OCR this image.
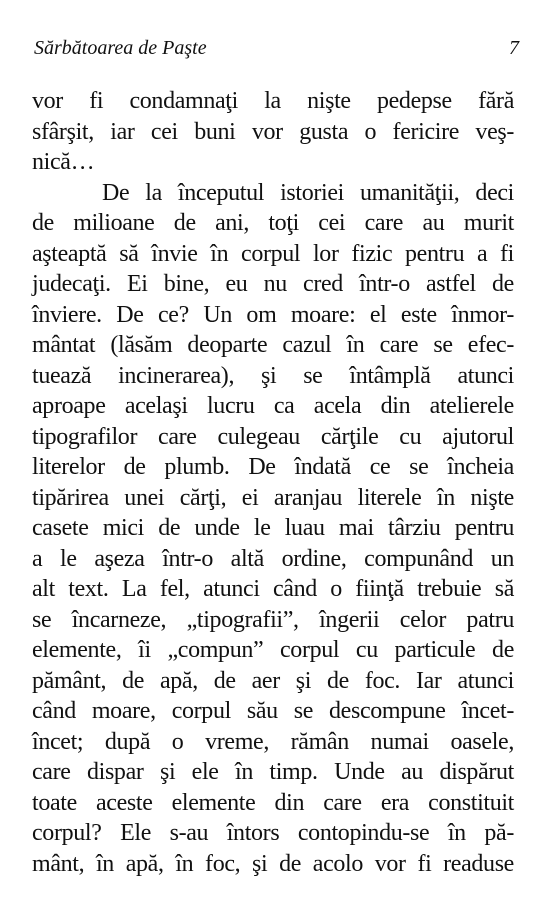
Sărbătoarea de Paşte	7
vor fi condamnaţi la nişte pedepse fără
sfârşit, iar cei buni vor gusta o fericire veş-
nică…
De la începutul istoriei umanităţii, deci
de milioane de ani, toţi cei care au murit
aşteaptă să învie în corpul lor fizic pentru a fi
judecaţi. Ei bine, eu nu cred într-o astfel de
înviere. De ce? Un om moare: el este înmor-
mântat (lăsăm deoparte cazul în care se efec-
tuează incinerarea), şi se întâmplă atunci
aproape acelaşi lucru ca acela din atelierele
tipografilor care culegeau cărţile cu ajutorul
literelor de plumb. De îndată ce se încheia
tipărirea unei cărţi, ei aranjau literele în nişte
casete mici de unde le luau mai târziu pentru
a le aşeza într-o altă ordine, compunând un
alt text. La fel, atunci când o fiinţă trebuie să
se încarneze, „tipografii”, îngerii celor patru
elemente, îi „compun” corpul cu particule de
pământ, de apă, de aer şi de foc. Iar atunci
când moare, corpul său se descompune încet-
încet; după o vreme, rămân numai oasele,
care dispar şi ele în timp. Unde au dispărut
toate aceste elemente din care era constituit
corpul? Ele s-au întors contopindu-se în pă-
mânt, în apă, în foc, şi de acolo vor fi readuse
